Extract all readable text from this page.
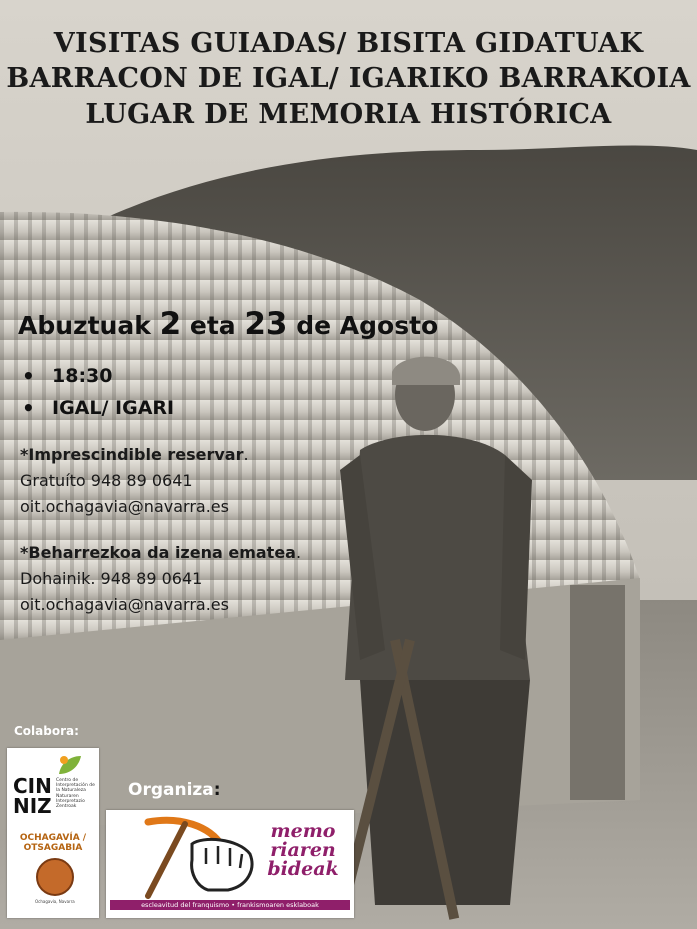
VISITAS GUIADAS/ BISITA GIDATUAK
BARRACON DE IGAL/ IGARIKO BARRAKOIA
LUGAR DE MEMORIA HISTÓRICA
Abuztuak 2 eta 23 de Agosto
• 18:30
• IGAL/ IGARI
*Imprescindible reservar.
Gratuíto 948 89 0641
oit.ochagavia@navarra.es
*Beharrezkoa da izena ematea.
Dohainik. 948 89 0641
oit.ochagavia@navarra.es
Colabora:
CIN
NIZ
Centro de Interpretación de la Naturaleza Naturaren Interpretazio Zentroak
OCHAGAVÍA / OTSAGABIA
Ochagavía, Navarra
Organiza:
memo
riaren
bideak
escleavitud del franquismo • frankismoaren esklaboak
